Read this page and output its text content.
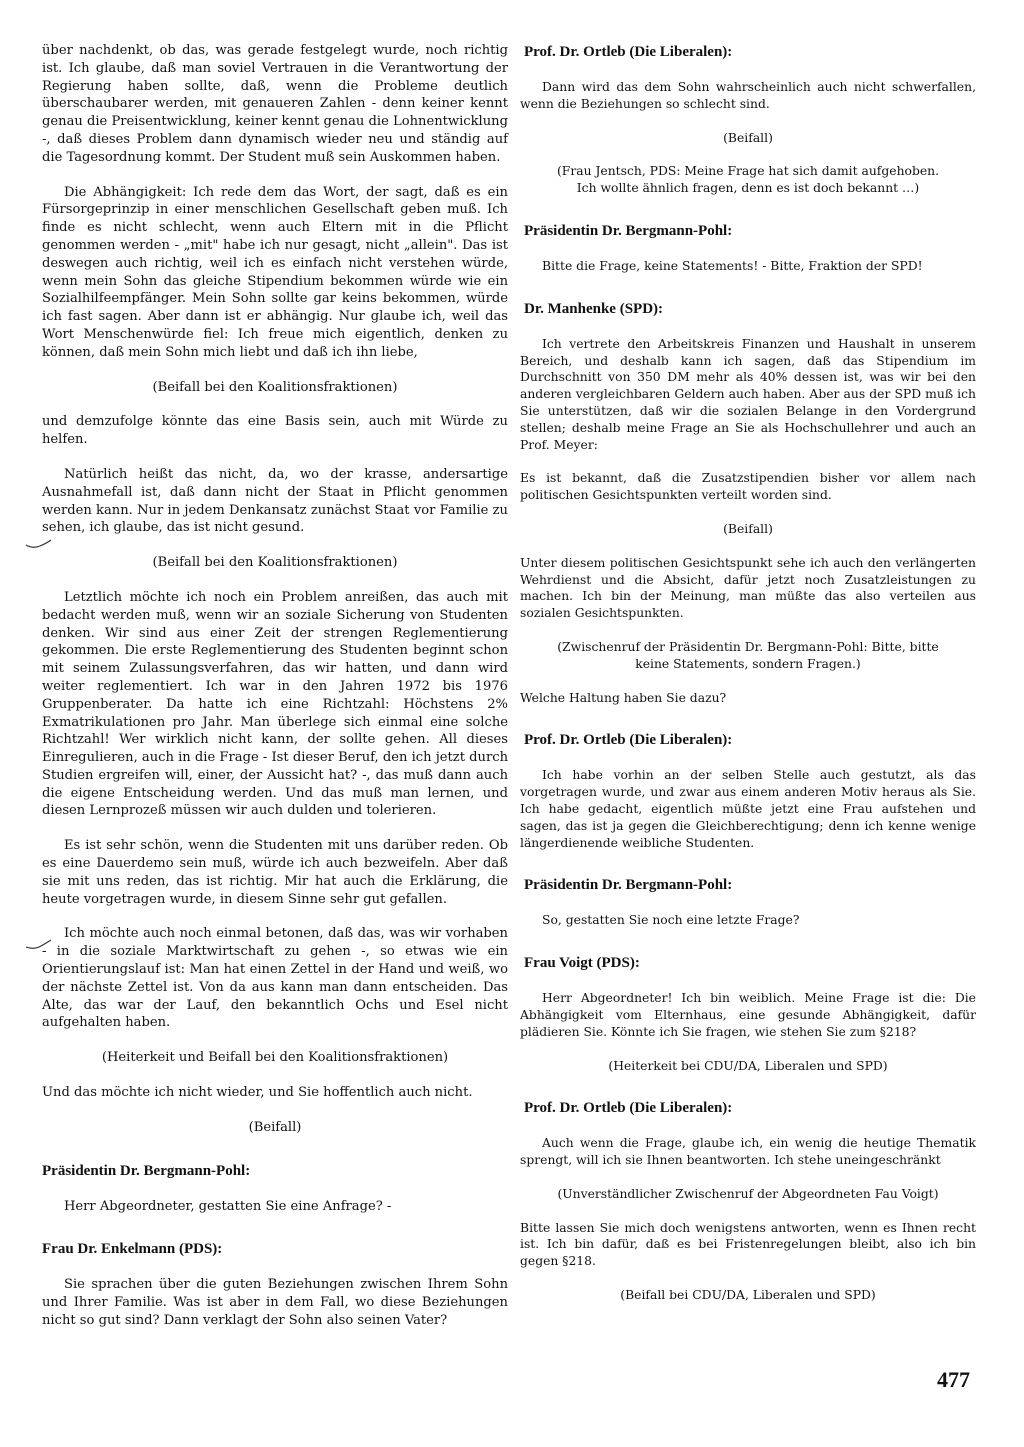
über nachdenkt, ob das, was gerade festgelegt wurde, noch richtig ist. Ich glaube, daß man soviel Vertrauen in die Verantwortung der Regierung haben sollte, daß, wenn die Probleme deutlich überschaubarer werden, mit genaueren Zahlen - denn keiner kennt genau die Preisentwicklung, keiner kennt genau die Lohnentwicklung -, daß dieses Problem dann dynamisch wieder neu und ständig auf die Tagesordnung kommt. Der Student muß sein Auskommen haben.
Die Abhängigkeit: Ich rede dem das Wort, der sagt, daß es ein Fürsorgeprinzip in einer menschlichen Gesellschaft geben muß. Ich finde es nicht schlecht, wenn auch Eltern mit in die Pflicht genommen werden - „mit" habe ich nur gesagt, nicht „allein". Das ist deswegen auch richtig, weil ich es einfach nicht verstehen würde, wenn mein Sohn das gleiche Stipendium bekommen würde wie ein Sozialhilfeempfänger. Mein Sohn sollte gar keins bekommen, würde ich fast sagen. Aber dann ist er abhängig. Nur glaube ich, weil das Wort Menschenwürde fiel: Ich freue mich eigentlich, denken zu können, daß mein Sohn mich liebt und daß ich ihn liebe,
(Beifall bei den Koalitionsfraktionen)
und demzufolge könnte das eine Basis sein, auch mit Würde zu helfen.
Natürlich heißt das nicht, da, wo der krasse, andersartige Ausnahmefall ist, daß dann nicht der Staat in Pflicht genommen werden kann. Nur in jedem Denkansatz zunächst Staat vor Familie zu sehen, ich glaube, das ist nicht gesund.
(Beifall bei den Koalitionsfraktionen)
Letztlich möchte ich noch ein Problem anreißen, das auch mit bedacht werden muß, wenn wir an soziale Sicherung von Studenten denken. Wir sind aus einer Zeit der strengen Reglementierung gekommen. Die erste Reglementierung des Studenten beginnt schon mit seinem Zulassungsverfahren, das wir hatten, und dann wird weiter reglementiert. Ich war in den Jahren 1972 bis 1976 Gruppenberater. Da hatte ich eine Richtzahl: Höchstens 2% Exmatrikulationen pro Jahr. Man überlege sich einmal eine solche Richtzahl! Wer wirklich nicht kann, der sollte gehen. All dieses Einregulieren, auch in die Frage - Ist dieser Beruf, den ich jetzt durch Studien ergreifen will, einer, der Aussicht hat? -, das muß dann auch die eigene Entscheidung werden. Und das muß man lernen, und diesen Lernprozeß müssen wir auch dulden und tolerieren.
Es ist sehr schön, wenn die Studenten mit uns darüber reden. Ob es eine Dauerdemo sein muß, würde ich auch bezweifeln. Aber daß sie mit uns reden, das ist richtig. Mir hat auch die Erklärung, die heute vorgetragen wurde, in diesem Sinne sehr gut gefallen.
Ich möchte auch noch einmal betonen, daß das, was wir vorhaben - in die soziale Marktwirtschaft zu gehen -, so etwas wie ein Orientierungslauf ist: Man hat einen Zettel in der Hand und weiß, wo der nächste Zettel ist. Von da aus kann man dann entscheiden. Das Alte, das war der Lauf, den bekanntlich Ochs und Esel nicht aufgehalten haben.
(Heiterkeit und Beifall bei den Koalitionsfraktionen)
Und das möchte ich nicht wieder, und Sie hoffentlich auch nicht.
(Beifall)
Präsidentin Dr. Bergmann-Pohl:
Herr Abgeordneter, gestatten Sie eine Anfrage? -
Frau Dr. Enkelmann (PDS):
Sie sprachen über die guten Beziehungen zwischen Ihrem Sohn und Ihrer Familie. Was ist aber in dem Fall, wo diese Beziehungen nicht so gut sind? Dann verklagt der Sohn also seinen Vater?
Prof. Dr. Ortleb (Die Liberalen):
Dann wird das dem Sohn wahrscheinlich auch nicht schwerfallen, wenn die Beziehungen so schlecht sind.
(Beifall)
(Frau Jentsch, PDS: Meine Frage hat sich damit aufgehoben. Ich wollte ähnlich fragen, denn es ist doch bekannt …)
Präsidentin Dr. Bergmann-Pohl:
Bitte die Frage, keine Statements! - Bitte, Fraktion der SPD!
Dr. Manhenke (SPD):
Ich vertrete den Arbeitskreis Finanzen und Haushalt in unserem Bereich, und deshalb kann ich sagen, daß das Stipendium im Durchschnitt von 350 DM mehr als 40% dessen ist, was wir bei den anderen vergleichbaren Geldern auch haben. Aber aus der SPD muß ich Sie unterstützen, daß wir die sozialen Belange in den Vordergrund stellen; deshalb meine Frage an Sie als Hochschullehrer und auch an Prof. Meyer:
Es ist bekannt, daß die Zusatzstipendien bisher vor allem nach politischen Gesichtspunkten verteilt worden sind.
(Beifall)
Unter diesem politischen Gesichtspunkt sehe ich auch den verlängerten Wehrdienst und die Absicht, dafür jetzt noch Zusatzleistungen zu machen. Ich bin der Meinung, man müßte das also verteilen aus sozialen Gesichtspunkten.
(Zwischenruf der Präsidentin Dr. Bergmann-Pohl: Bitte, bitte keine Statements, sondern Fragen.)
Welche Haltung haben Sie dazu?
Prof. Dr. Ortleb (Die Liberalen):
Ich habe vorhin an der selben Stelle auch gestutzt, als das vorgetragen wurde, und zwar aus einem anderen Motiv heraus als Sie. Ich habe gedacht, eigentlich müßte jetzt eine Frau aufstehen und sagen, das ist ja gegen die Gleichberechtigung; denn ich kenne wenige längerdienende weibliche Studenten.
Präsidentin Dr. Bergmann-Pohl:
So, gestatten Sie noch eine letzte Frage?
Frau Voigt (PDS):
Herr Abgeordneter! Ich bin weiblich. Meine Frage ist die: Die Abhängigkeit vom Elternhaus, eine gesunde Abhängigkeit, dafür plädieren Sie. Könnte ich Sie fragen, wie stehen Sie zum §218?
(Heiterkeit bei CDU/DA, Liberalen und SPD)
Prof. Dr. Ortleb (Die Liberalen):
Auch wenn die Frage, glaube ich, ein wenig die heutige Thematik sprengt, will ich sie Ihnen beantworten. Ich stehe uneingeschränkt
(Unverständlicher Zwischenruf der Abgeordneten Fau Voigt)
Bitte lassen Sie mich doch wenigstens antworten, wenn es Ihnen recht ist. Ich bin dafür, daß es bei Fristenregelungen bleibt, also ich bin gegen §218.
(Beifall bei CDU/DA, Liberalen und SPD)
477
